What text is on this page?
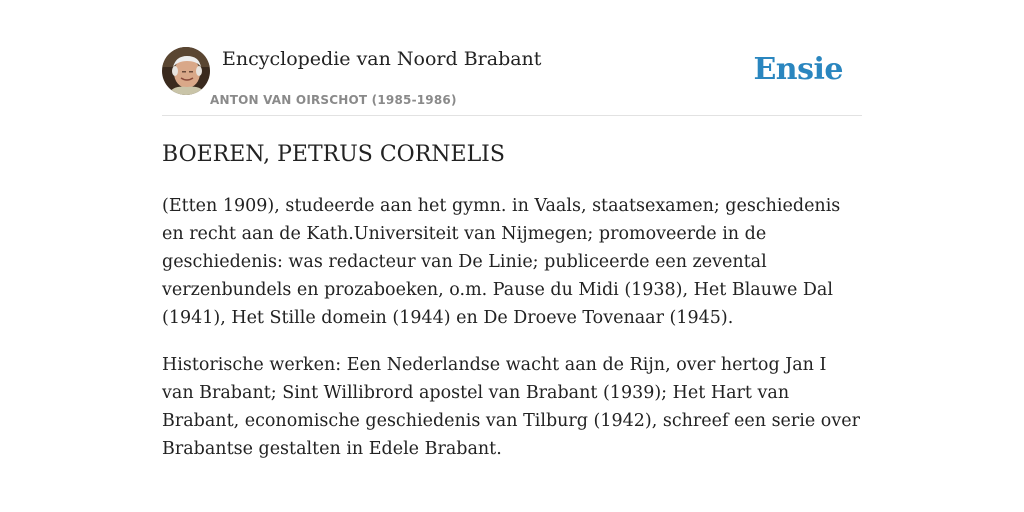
Encyclopedie van Noord Brabant
ANTON VAN OIRSCHOT (1985-1986)
Ensie
BOEREN, PETRUS CORNELIS

(Etten 1909), studeerde aan het gymn. in Vaals, staatsexamen; geschiedenis en recht aan de Kath.Universiteit van Nijmegen; promoveerde in de geschiedenis: was redacteur van De Linie; publiceerde een zevental verzenbundels en prozaboeken, o.m. Pause du Midi (1938), Het Blauwe Dal (1941), Het Stille domein (1944) en De Droeve Tovenaar (1945).

Historische werken: Een Nederlandse wacht aan de Rijn, over hertog Jan I van Brabant; Sint Willibrord apostel van Brabant (1939); Het Hart van Brabant, economische geschiedenis van Tilburg (1942), schreef een serie over Brabantse gestalten in Edele Brabant.
